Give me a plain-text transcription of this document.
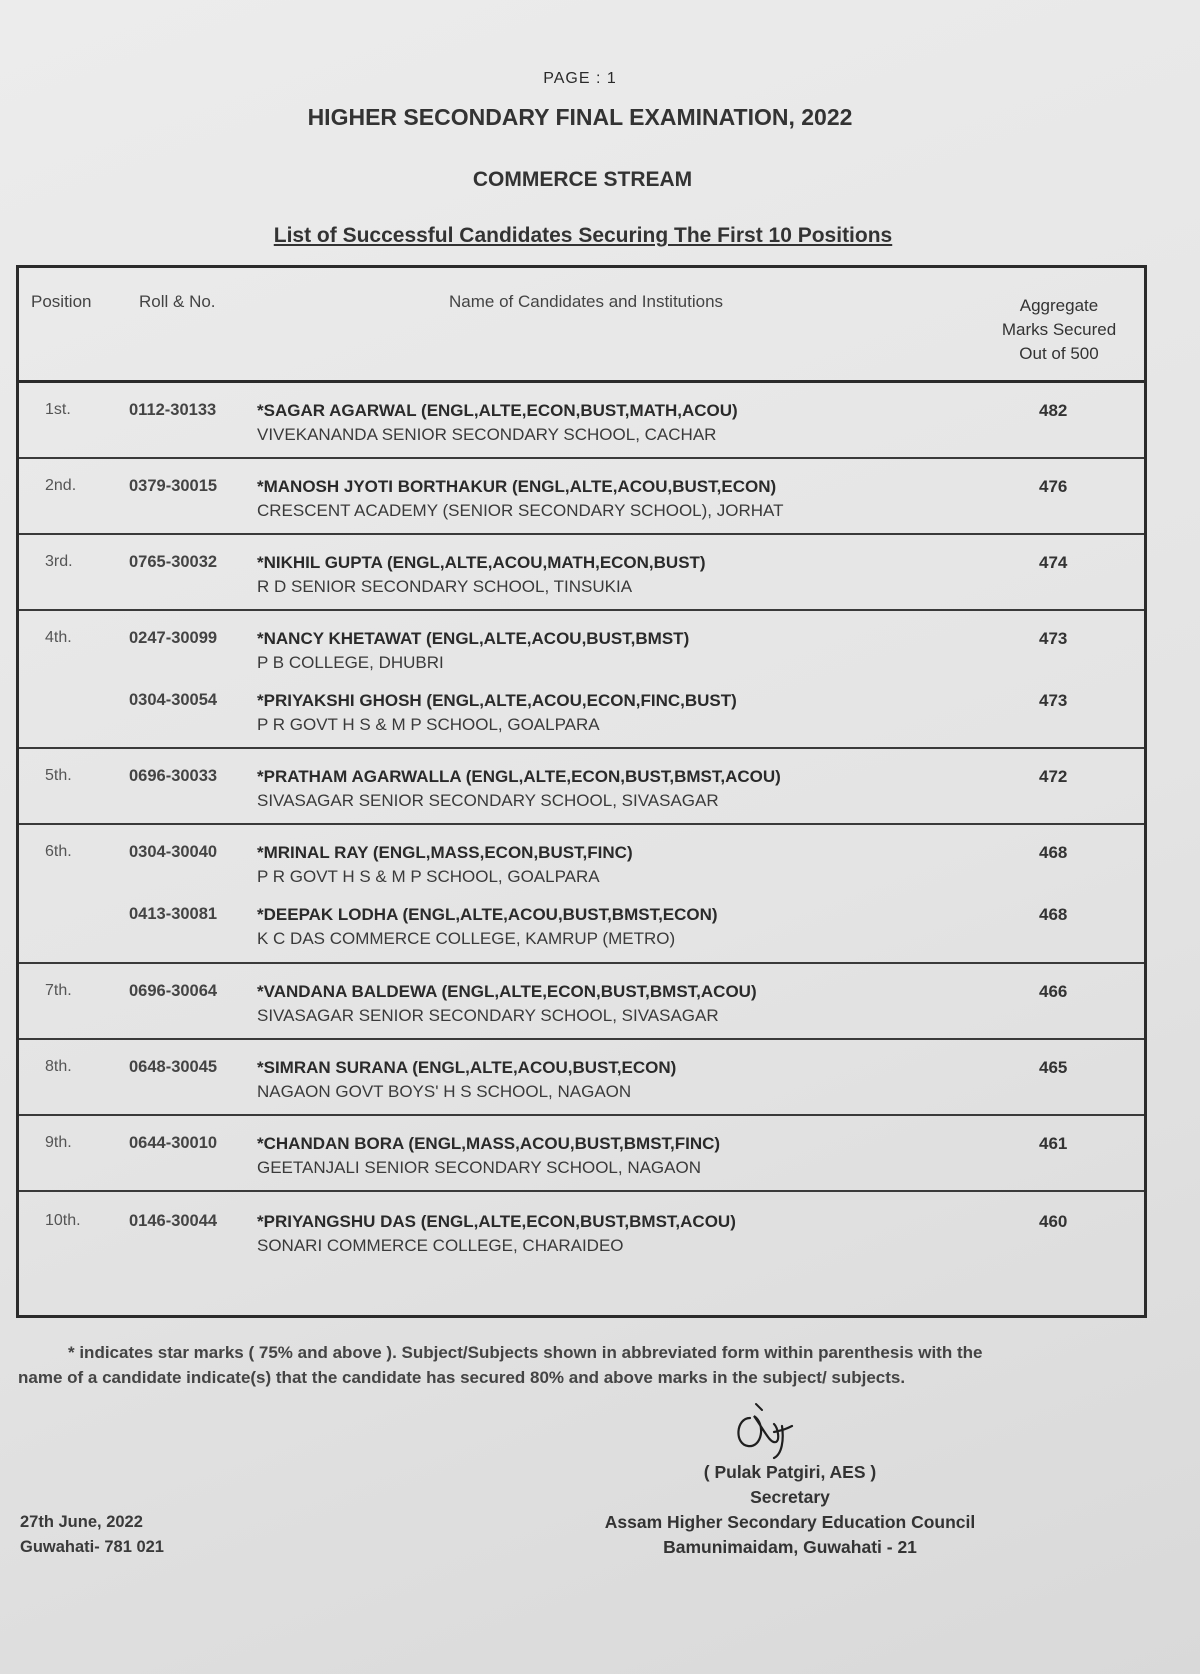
PAGE : 1
HIGHER SECONDARY FINAL EXAMINATION, 2022
COMMERCE STREAM
List of Successful Candidates Securing The First 10 Positions
Position	Roll & No.	Name of Candidates and Institutions	Aggregate
Marks Secured
Out of 500
1st.	0112-30133 *SAGAR AGARWAL (ENGL,ALTE,ECON,BUST,MATH,ACOU)
VIVEKANANDA SENIOR SECONDARY SCHOOL, CACHAR
482
2nd.	0379-30015 *MANOSH JYOTI BORTHAKUR (ENGL,ALTE,ACOU,BUST,ECON)
CRESCENT ACADEMY (SENIOR SECONDARY SCHOOL), JORHAT
476
3rd.	0765-30032 *NIKHIL GUPTA (ENGL,ALTE,ACOU,MATH,ECON,BUST)
R D SENIOR SECONDARY SCHOOL, TINSUKIA
474
4th.	0247-30099 *NANCY KHETAWAT (ENGL,ALTE,ACOU,BUST,BMST)
P B COLLEGE, DHUBRI
473
0304-30054 *PRIYAKSHI GHOSH (ENGL,ALTE,ACOU,ECON,FINC,BUST)
P R GOVT H S & M P SCHOOL, GOALPARA
473
5th.	0696-30033 *PRATHAM AGARWALLA (ENGL,ALTE,ECON,BUST,BMST,ACOU)
SIVASAGAR SENIOR SECONDARY SCHOOL, SIVASAGAR
472
6th.	0304-30040 *MRINAL RAY (ENGL,MASS,ECON,BUST,FINC)
P R GOVT H S & M P SCHOOL, GOALPARA
468
0413-30081 *DEEPAK LODHA (ENGL,ALTE,ACOU,BUST,BMST,ECON)
K C DAS COMMERCE COLLEGE, KAMRUP (METRO)
468
7th.	0696-30064 *VANDANA BALDEWA (ENGL,ALTE,ECON,BUST,BMST,ACOU)
SIVASAGAR SENIOR SECONDARY SCHOOL, SIVASAGAR
466
8th.	0648-30045 *SIMRAN SURANA (ENGL,ALTE,ACOU,BUST,ECON)
NAGAON GOVT BOYS' H S SCHOOL, NAGAON
465
9th.	0644-30010 *CHANDAN BORA (ENGL,MASS,ACOU,BUST,BMST,FINC)
GEETANJALI SENIOR SECONDARY SCHOOL, NAGAON
461
10th.	0146-30044 *PRIYANGSHU DAS (ENGL,ALTE,ECON,BUST,BMST,ACOU)
SONARI COMMERCE COLLEGE, CHARAIDEO
460
* indicates star marks ( 75% and above ). Subject/Subjects shown in abbreviated form within parenthesis with the
name of a candidate indicate(s) that the candidate has secured 80% and above marks in the subject/ subjects.
( Pulak Patgiri, AES )
Secretary
Assam Higher Secondary Education Council
Bamunimaidam, Guwahati - 21
27th June, 2022
Guwahati- 781 021
